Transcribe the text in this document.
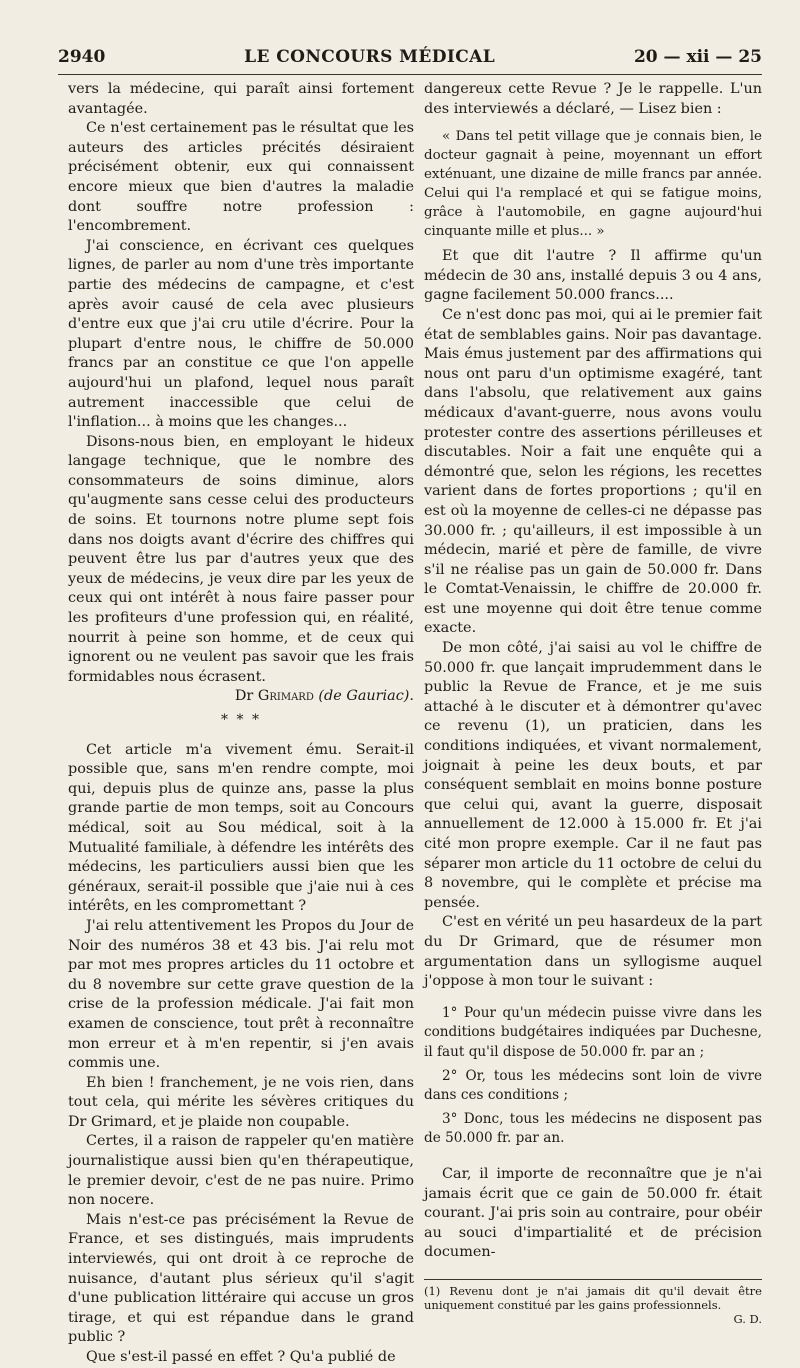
2940	LE CONCOURS MÉDICAL	20 — xii — 25

vers la médecine, qui paraît ainsi fortement avantagée.

Ce n'est certainement pas le résultat que les auteurs des articles précités désiraient précisément obtenir, eux qui connaissent encore mieux que bien d'autres la maladie dont souffre notre profession : l'encombrement.

J'ai conscience, en écrivant ces quelques lignes, de parler au nom d'une très importante partie des médecins de campagne, et c'est après avoir causé de cela avec plusieurs d'entre eux que j'ai cru utile d'écrire. Pour la plupart d'entre nous, le chiffre de 50.000 francs par an constitue ce que l'on appelle aujourd'hui un plafond, lequel nous paraît autrement inaccessible que celui de l'inflation... à moins que les changes...

Disons-nous bien, en employant le hideux langage technique, que le nombre des consommateurs de soins diminue, alors qu'augmente sans cesse celui des producteurs de soins. Et tournons notre plume sept fois dans nos doigts avant d'écrire des chiffres qui peuvent être lus par d'autres yeux que des yeux de médecins, je veux dire par les yeux de ceux qui ont intérêt à nous faire passer pour les profiteurs d'une profession qui, en réalité, nourrit à peine son homme, et de ceux qui ignorent ou ne veulent pas savoir que les frais formidables nous écrasent.

Dr Grimard (de Gauriac).

* * *

Cet article m'a vivement ému. Serait-il possible que, sans m'en rendre compte, moi qui, depuis plus de quinze ans, passe la plus grande partie de mon temps, soit au Concours médical, soit au Sou médical, soit à la Mutualité familiale, à défendre les intérêts des médecins, les particuliers aussi bien que les généraux, serait-il possible que j'aie nui à ces intérêts, en les compromettant ?

J'ai relu attentivement les Propos du Jour de Noir des numéros 38 et 43 bis. J'ai relu mot par mot mes propres articles du 11 octobre et du 8 novembre sur cette grave question de la crise de la profession médicale. J'ai fait mon examen de conscience, tout prêt à reconnaître mon erreur et à m'en repentir, si j'en avais commis une.

Eh bien ! franchement, je ne vois rien, dans tout cela, qui mérite les sévères critiques du Dr Grimard, et je plaide non coupable.

Certes, il a raison de rappeler qu'en matière journalistique aussi bien qu'en thérapeutique, le premier devoir, c'est de ne pas nuire. Primo non nocere.

Mais n'est-ce pas précisément la Revue de France, et ses distingués, mais imprudents interviewés, qui ont droit à ce reproche de nuisance, d'autant plus sérieux qu'il s'agit d'une publication littéraire qui accuse un gros tirage, et qui est répandue dans le grand public ?

Que s'est-il passé en effet ? Qu'a publié de

dangereux cette Revue ? Je le rappelle. L'un des interviewés a déclaré, — Lisez bien :

« Dans tel petit village que je connais bien, le docteur gagnait à peine, moyennant un effort exténuant, une dizaine de mille francs par année. Celui qui l'a remplacé et qui se fatigue moins, grâce à l'automobile, en gagne aujourd'hui cinquante mille et plus... »

Et que dit l'autre ? Il affirme qu'un médecin de 30 ans, installé depuis 3 ou 4 ans, gagne facilement 50.000 francs....

Ce n'est donc pas moi, qui ai le premier fait état de semblables gains. Noir pas davantage. Mais émus justement par des affirmations qui nous ont paru d'un optimisme exagéré, tant dans l'absolu, que relativement aux gains médicaux d'avant-guerre, nous avons voulu protester contre des assertions périlleuses et discutables. Noir a fait une enquête qui a démontré que, selon les régions, les recettes varient dans de fortes proportions ; qu'il en est où la moyenne de celles-ci ne dépasse pas 30.000 fr. ; qu'ailleurs, il est impossible à un médecin, marié et père de famille, de vivre s'il ne réalise pas un gain de 50.000 fr. Dans le Comtat-Venaissin, le chiffre de 20.000 fr. est une moyenne qui doit être tenue comme exacte.

De mon côté, j'ai saisi au vol le chiffre de 50.000 fr. que lançait imprudemment dans le public la Revue de France, et je me suis attaché à le discuter et à démontrer qu'avec ce revenu (1), un praticien, dans les conditions indiquées, et vivant normalement, joignait à peine les deux bouts, et par conséquent semblait en moins bonne posture que celui qui, avant la guerre, disposait annuellement de 12.000 à 15.000 fr. Et j'ai cité mon propre exemple. Car il ne faut pas séparer mon article du 11 octobre de celui du 8 novembre, qui le complète et précise ma pensée.

C'est en vérité un peu hasardeux de la part du Dr Grimard, que de résumer mon argumentation dans un syllogisme auquel j'oppose à mon tour le suivant :

1° Pour qu'un médecin puisse vivre dans les conditions budgétaires indiquées par Duchesne, il faut qu'il dispose de 50.000 fr. par an ;

2° Or, tous les médecins sont loin de vivre dans ces conditions ;

3° Donc, tous les médecins ne disposent pas de 50.000 fr. par an.

Car, il importe de reconnaître que je n'ai jamais écrit que ce gain de 50.000 fr. était courant. J'ai pris soin au contraire, pour obéir au souci d'impartialité et de précision documen-

(1) Revenu dont je n'ai jamais dit qu'il devait être uniquement constitué par les gains professionnels.
G. D.
